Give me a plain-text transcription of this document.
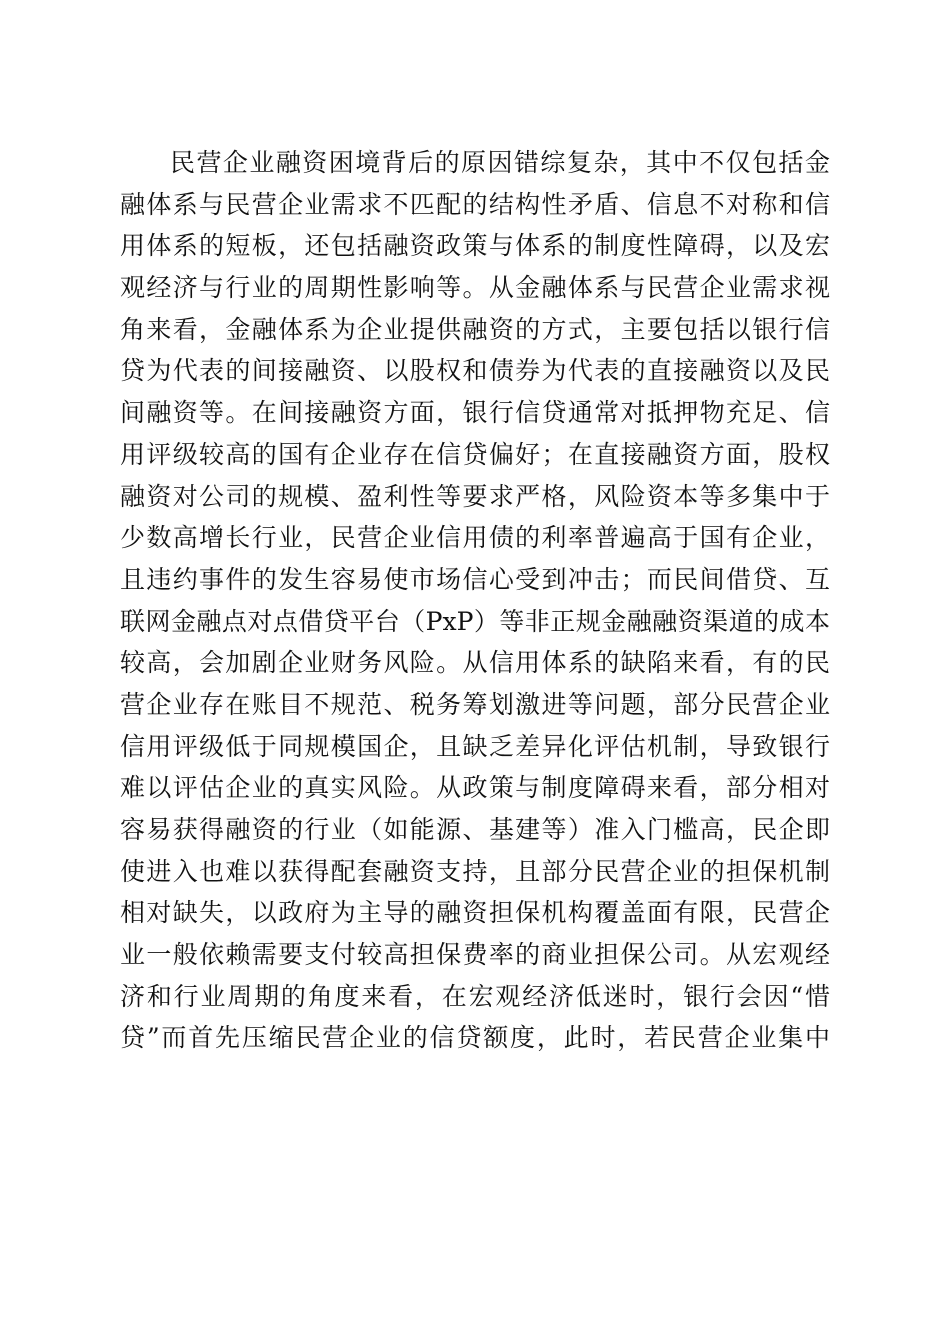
民营企业融资困境背后的原因错综复杂，其中不仅包括金
融体系与民营企业需求不匹配的结构性矛盾、信息不对称和信
用体系的短板，还包括融资政策与体系的制度性障碍，以及宏
观经济与行业的周期性影响等。从金融体系与民营企业需求视
角来看，金融体系为企业提供融资的方式，主要包括以银行信
贷为代表的间接融资、以股权和债券为代表的直接融资以及民
间融资等。在间接融资方面，银行信贷通常对抵押物充足、信
用评级较高的国有企业存在信贷偏好；在直接融资方面，股权
融资对公司的规模、盈利性等要求严格，风险资本等多集中于
少数高增长行业，民营企业信用债的利率普遍高于国有企业，
且违约事件的发生容易使市场信心受到冲击；而民间借贷、互
联网金融点对点借贷平台（PxP）等非正规金融融资渠道的成本
较高，会加剧企业财务风险。从信用体系的缺陷来看，有的民
营企业存在账目不规范、税务筹划激进等问题，部分民营企业
信用评级低于同规模国企，且缺乏差异化评估机制，导致银行
难以评估企业的真实风险。从政策与制度障碍来看，部分相对
容易获得融资的行业（如能源、基建等）准入门槛高，民企即
使进入也难以获得配套融资支持，且部分民营企业的担保机制
相对缺失，以政府为主导的融资担保机构覆盖面有限，民营企
业一般依赖需要支付较高担保费率的商业担保公司。从宏观经
济和行业周期的角度来看，在宏观经济低迷时，银行会因“惜
贷”而首先压缩民营企业的信贷额度，此时，若民营企业集中
